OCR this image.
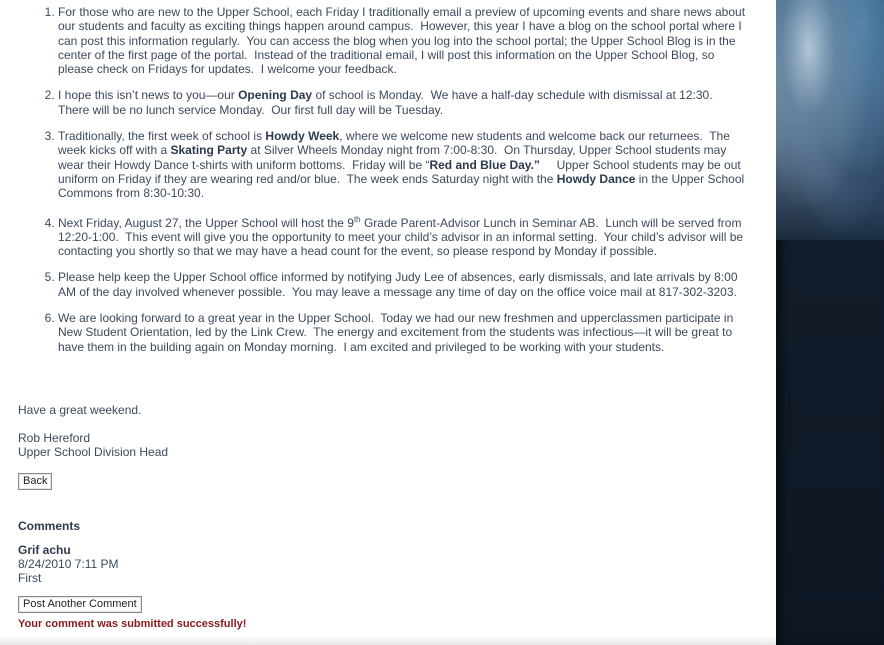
1. For those who are new to the Upper School, each Friday I traditionally email a preview of upcoming events and share news about our students and faculty as exciting things happen around campus.  However, this year I have a blog on the school portal where I can post this information regularly.  You can access the blog when you log into the school portal; the Upper School Blog is in the center of the first page of the portal.  Instead of the traditional email, I will post this information on the Upper School Blog, so please check on Fridays for updates.  I welcome your feedback.
2. I hope this isn’t news to you—our Opening Day of school is Monday.  We have a half-day schedule with dismissal at 12:30.  There will be no lunch service Monday.  Our first full day will be Tuesday.
3. Traditionally, the first week of school is Howdy Week, where we welcome new students and welcome back our returnees.  The week kicks off with a Skating Party at Silver Wheels Monday night from 7:00-8:30.  On Thursday, Upper School students may wear their Howdy Dance t-shirts with uniform bottoms.  Friday will be “Red and Blue Day.”     Upper School students may be out uniform on Friday if they are wearing red and/or blue.  The week ends Saturday night with the Howdy Dance in the Upper School Commons from 8:30-10:30.
4. Next Friday, August 27, the Upper School will host the 9th Grade Parent-Advisor Lunch in Seminar AB.  Lunch will be served from 12:20-1:00.  This event will give you the opportunity to meet your child’s advisor in an informal setting.  Your child’s advisor will be contacting you shortly so that we may have a head count for the event, so please respond by Monday if possible.
5. Please help keep the Upper School office informed by notifying Judy Lee of absences, early dismissals, and late arrivals by 8:00 AM of the day involved whenever possible.  You may leave a message any time of day on the office voice mail at 817-302-3203.
6. We are looking forward to a great year in the Upper School.  Today we had our new freshmen and upperclassmen participate in New Student Orientation, led by the Link Crew.  The energy and excitement from the students was infectious—it will be great to have them in the building again on Monday morning.  I am excited and privileged to be working with your students.
Have a great weekend.
Rob Hereford
Upper School Division Head
Back
Comments
Grif achu
8/24/2010 7:11 PM
First
Post Another Comment
Your comment was submitted successfully!
